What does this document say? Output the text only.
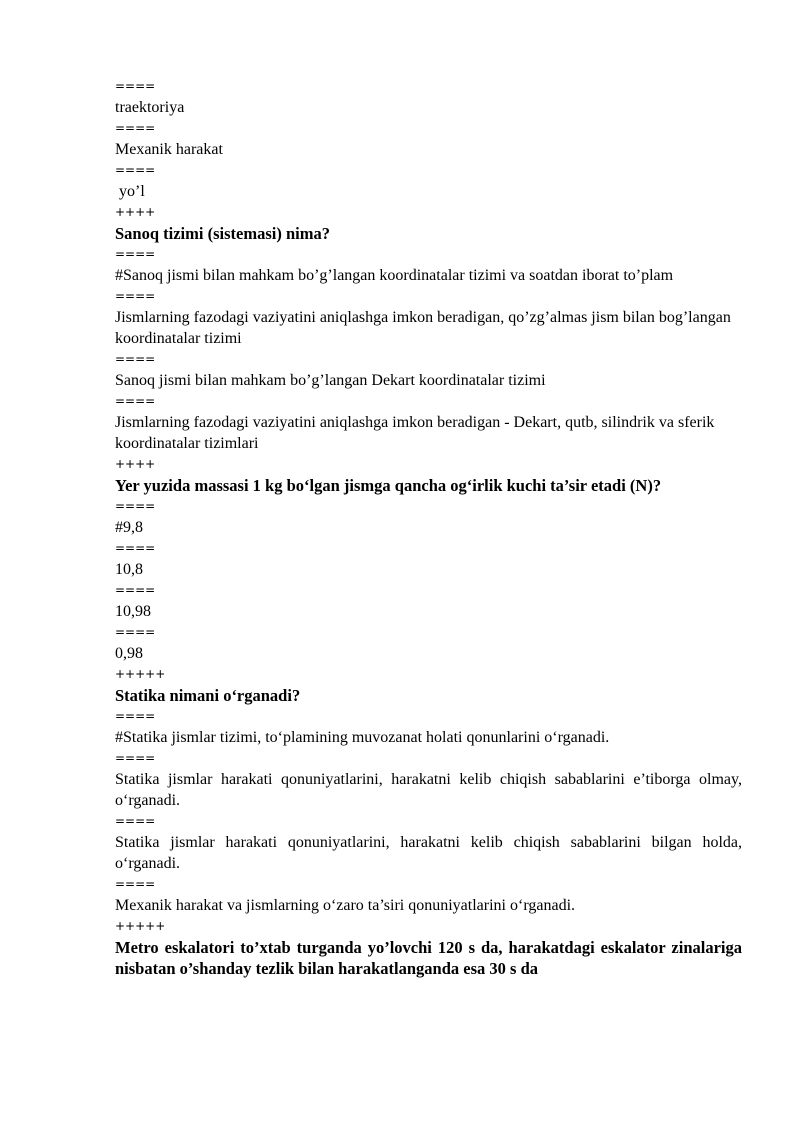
====
traektoriya
====
Mexanik harakat
====
yo’l
++++
Sanoq tizimi (sistemasi) nima?
====
#Sanoq jismi bilan mahkam bo’g’langan koordinatalar tizimi va soatdan iborat to’plam
====
Jismlarning fazodagi vaziyatini aniqlashga imkon beradigan, qo’zg’almas jism bilan bog’langan koordinatalar tizimi
====
Sanoq jismi bilan mahkam bo’g’langan Dekart koordinatalar tizimi
====
Jismlarning fazodagi vaziyatini aniqlashga imkon beradigan - Dekart, qutb, silindrik va sferik koordinatalar tizimlari
++++
Yer yuzida massasi 1 kg bo‘lgan jismga qancha og‘irlik kuchi ta’sir etadi (N)?
====
#9,8
====
10,8
====
10,98
====
0,98
+++++
Statika nimani o‘rganadi?
====
#Statika jismlar tizimi, to‘plamining muvozanat holati qonunlarini o‘rganadi.
====
Statika jismlar harakati qonuniyatlarini, harakatni kelib chiqish sabablarini e’tiborga olmay, o‘rganadi.
====
Statika jismlar harakati qonuniyatlarini, harakatni kelib chiqish sabablarini bilgan holda, o‘rganadi.
====
Mexanik harakat va jismlarning o‘zaro ta’siri qonuniyatlarini o‘rganadi.
+++++
Metro eskalatori to’xtab turganda yo’lovchi 120 s da, harakatdagi eskalator zinalariga nisbatan o’shanday tezlik bilan harakatlanganda esa 30 s da
